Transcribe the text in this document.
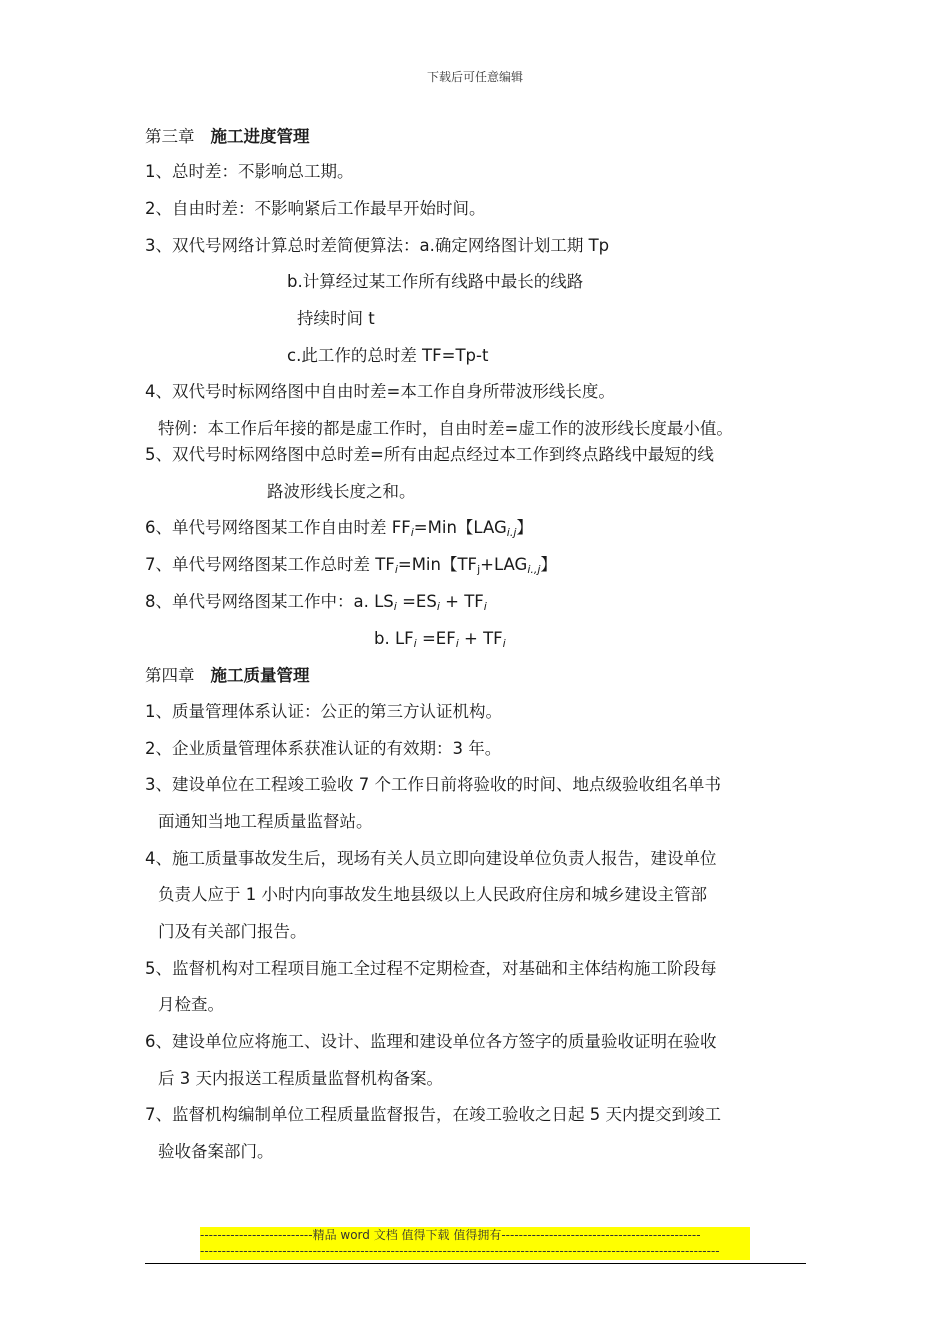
下载后可任意编辑
第三章 施工进度管理
1、总时差：不影响总工期。
2、自由时差：不影响紧后工作最早开始时间。
3、双代号网络计算总时差简便算法：a.确定网络图计划工期 Tp
b.计算经过某工作所有线路中最长的线路
持续时间 t
c.此工作的总时差 TF=Tp-t
4、双代号时标网络图中自由时差=本工作自身所带波形线长度。
特例：本工作后年接的都是虚工作时，自由时差=虚工作的波形线长度最小值。
5、双代号时标网络图中总时差=所有由起点经过本工作到终点路线中最短的线
路波形线长度之和。
6、单代号网络图某工作自由时差 FFi=Min【LAGi.j】
7、单代号网络图某工作总时差 TFi=Min【TFj+LAGi.,j】
8、单代号网络图某工作中：a. LSi =ESi + TFi
b. LFi =EFi + TFi
第四章 施工质量管理
1、质量管理体系认证：公正的第三方认证机构。
2、企业质量管理体系获准认证的有效期：3 年。
3、建设单位在工程竣工验收 7 个工作日前将验收的时间、地点级验收组名单书
面通知当地工程质量监督站。
4、施工质量事故发生后，现场有关人员立即向建设单位负责人报告，建设单位
负责人应于 1 小时内向事故发生地县级以上人民政府住房和城乡建设主管部
门及有关部门报告。
5、监督机构对工程项目施工全过程不定期检查，对基础和主体结构施工阶段每
月检查。
6、建设单位应将施工、设计、监理和建设单位各方签字的质量验收证明在验收
后 3 天内报送工程质量监督机构备案。
7、监督机构编制单位工程质量监督报告，在竣工验收之日起 5 天内提交到竣工
验收备案部门。
--------------------------精品 word 文档 值得下载 值得拥有----------------------------------------------
------------------------------------------------------------------------------------------------------------------------
